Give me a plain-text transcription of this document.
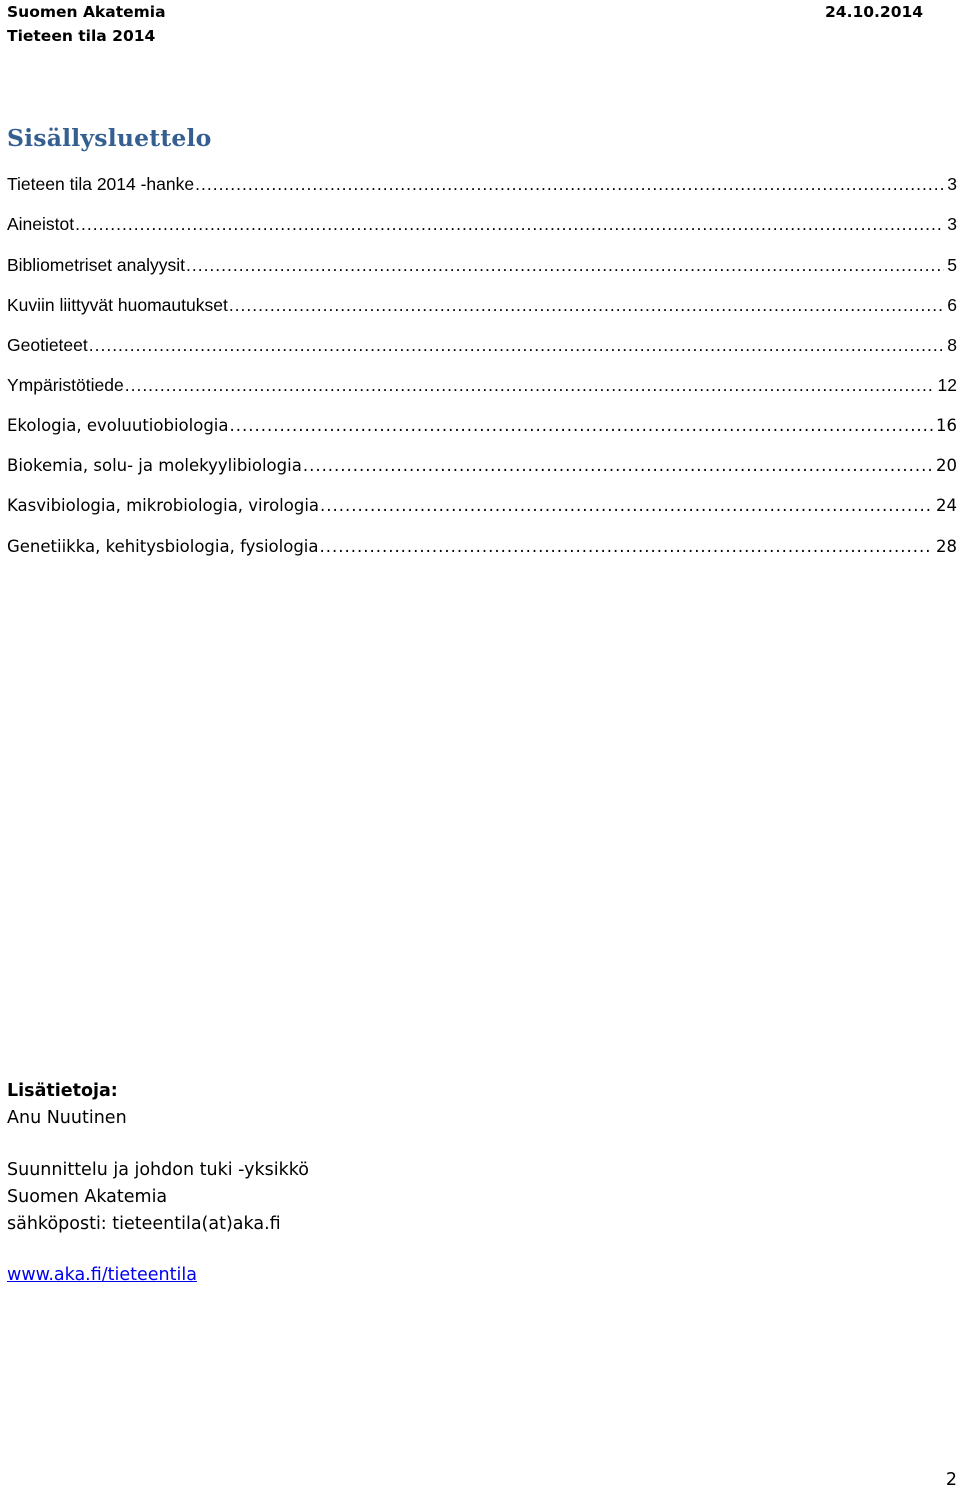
Suomen Akatemia	24.10.2014
Tieteen tila 2014
Sisällysluettelo
Tieteen tila 2014 -hanke .....	3
Aineistot .....	3
Bibliometriset analyysit .....	5
Kuviin liittyvät huomautukset .....	6
Geotieteet .....	8
Ympäristötiede .....	12
Ekologia, evoluutiobiologia .....	16
Biokemia, solu- ja molekyylibiologia .....	20
Kasvibiologia, mikrobiologia, virologia .....	24
Genetiikka, kehitysbiologia, fysiologia .....	28
Lisätietoja:
Anu Nuutinen
Suunnittelu ja johdon tuki -yksikkö
Suomen Akatemia
sähköposti: tieteentila(at)aka.fi
www.aka.fi/tieteentila
2
